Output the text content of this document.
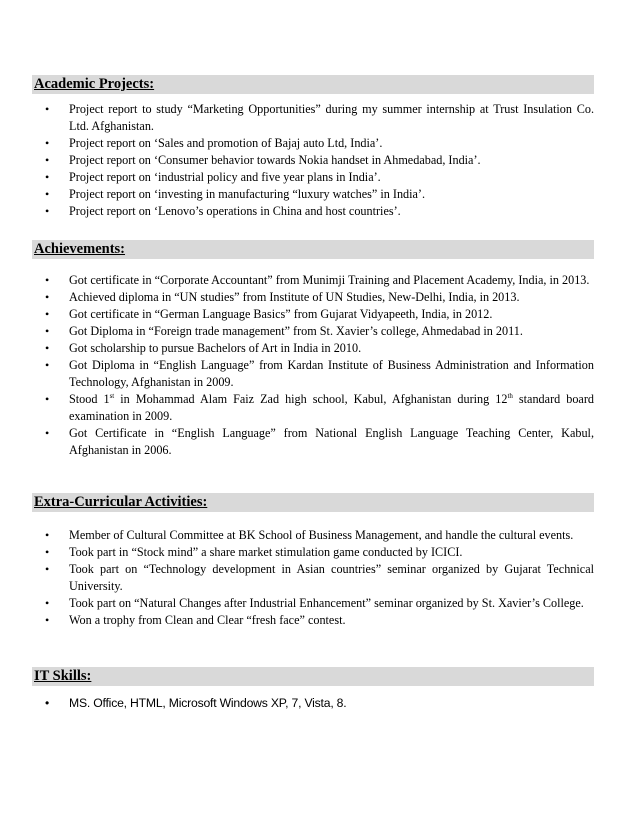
Academic Projects:
• Project report to study “Marketing Opportunities” during my summer internship at Trust Insulation Co. Ltd. Afghanistan.
• Project report on ‘Sales and promotion of Bajaj auto Ltd, India’.
• Project report on ‘Consumer behavior towards Nokia handset in Ahmedabad, India’.
• Project report on ‘industrial policy and five year plans in India’.
• Project report on ‘investing in manufacturing “luxury watches” in India’.
• Project report on ‘Lenovo’s operations in China and host countries’.
Achievements:
• Got certificate in “Corporate Accountant” from Munimji Training and Placement Academy, India, in 2013.
• Achieved diploma in “UN studies” from Institute of UN Studies, New-Delhi, India, in 2013.
• Got certificate in “German Language Basics” from Gujarat Vidyapeeth, India, in 2012.
• Got Diploma in “Foreign trade management” from St. Xavier’s college, Ahmedabad in 2011.
• Got scholarship to pursue Bachelors of Art in India in 2010.
• Got Diploma in “English Language” from Kardan Institute of Business Administration and Information Technology, Afghanistan in 2009.
• Stood 1st in Mohammad Alam Faiz Zad high school, Kabul, Afghanistan during 12th standard board examination in 2009.
• Got Certificate in “English Language” from National English Language Teaching Center, Kabul, Afghanistan in 2006.
Extra-Curricular Activities:
• Member of Cultural Committee at BK School of Business Management, and handle the cultural events.
• Took part in “Stock mind” a share market stimulation game conducted by ICICI.
• Took part on “Technology development in Asian countries” seminar organized by Gujarat Technical University.
• Took part on “Natural Changes after Industrial Enhancement” seminar organized by St. Xavier’s College.
• Won a trophy from Clean and Clear “fresh face” contest.
IT Skills:
• MS. Office, HTML, Microsoft Windows XP, 7, Vista, 8.
